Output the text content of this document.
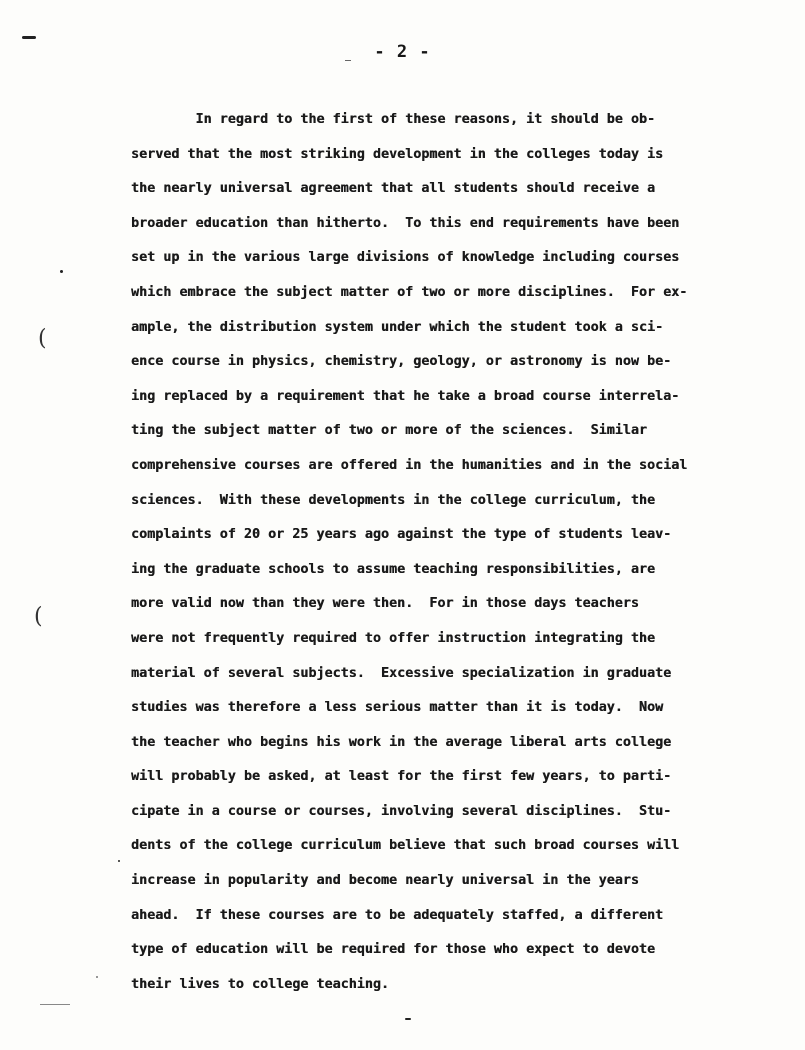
- 2 -
In regard to the first of these reasons, it should be ob-
served that the most striking development in the colleges today is
the nearly universal agreement that all students should receive a
broader education than hitherto.  To this end requirements have been
set up in the various large divisions of knowledge including courses
which embrace the subject matter of two or more disciplines.  For ex-
ample, the distribution system under which the student took a sci-
ence course in physics, chemistry, geology, or astronomy is now be-
ing replaced by a requirement that he take a broad course interrela-
ting the subject matter of two or more of the sciences.  Similar
comprehensive courses are offered in the humanities and in the social
sciences.  With these developments in the college curriculum, the
complaints of 20 or 25 years ago against the type of students leav-
ing the graduate schools to assume teaching responsibilities, are
more valid now than they were then.  For in those days teachers
were not frequently required to offer instruction integrating the
material of several subjects.  Excessive specialization in graduate
studies was therefore a less serious matter than it is today.  Now
the teacher who begins his work in the average liberal arts college
will probably be asked, at least for the first few years, to parti-
cipate in a course or courses, involving several disciplines.  Stu-
dents of the college curriculum believe that such broad courses will
increase in popularity and become nearly universal in the years
ahead.  If these courses are to be adequately staffed, a different
type of education will be required for those who expect to devote
their lives to college teaching.
(
(
